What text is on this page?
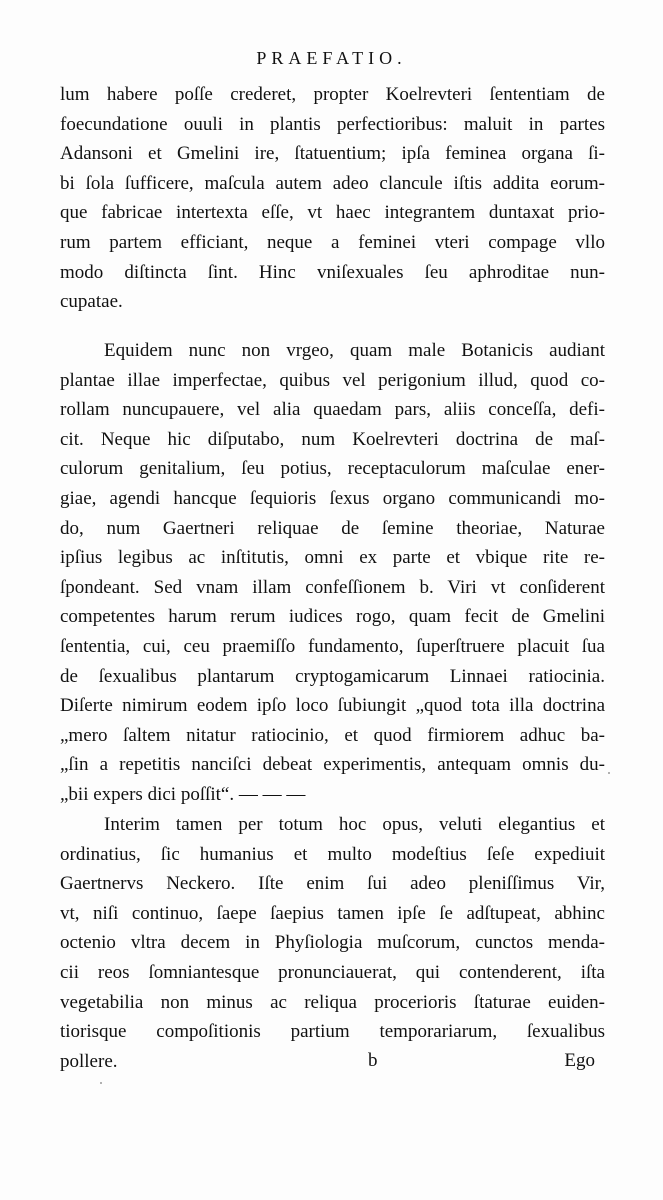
PRAEFATIO.
lum habere poſſe crederet, propter Koelrevteri ſententiam de
foecundatione ouuli in plantis perfectioribus: maluit in partes
Adansoni et Gmelini ire, ſtatuentium; ipſa feminea organa ſi-
bi ſola ſufficere, maſcula autem adeo clancule iſtis addita eorum-
que fabricae intertexta eſſe, vt haec integrantem duntaxat prio-
rum partem efficiant, neque a feminei vteri compage vllo
modo diſtincta ſint. Hinc vniſexuales ſeu aphroditae nun-
cupatae.
Equidem nunc non vrgeo, quam male Botanicis audiant
plantae illae imperfectae, quibus vel perigonium illud, quod co-
rollam nuncupauere, vel alia quaedam pars, aliis conceſſa, defi-
cit. Neque hic diſputabo, num Koelrevteri doctrina de maſ-
culorum genitalium, ſeu potius, receptaculorum maſculae ener-
giae, agendi hancque ſequioris ſexus organo communicandi mo-
do, num Gaertneri reliquae de ſemine theoriae, Naturae
ipſius legibus ac inſtitutis, omni ex parte et vbique rite re-
ſpondeant. Sed vnam illam confeſſionem b. Viri vt conſiderent
competentes harum rerum iudices rogo, quam fecit de Gmelini
ſententia, cui, ceu praemiſſo fundamento, ſuperſtruere placuit ſua
de ſexualibus plantarum cryptogamicarum Linnaei ratiocinia.
Diſerte nimirum eodem ipſo loco ſubiungit „quod tota illa doctrina
„mero ſaltem nitatur ratiocinio, et quod firmiorem adhuc ba-
„ſin a repetitis nanciſci debeat experimentis, antequam omnis du-
„bii expers dici poſſit“. — — —
Interim tamen per totum hoc opus, veluti elegantius et
ordinatius, ſic humanius et multo modeſtius ſeſe expediuit
Gaertnervs Neckero. Iſte enim ſui adeo pleniſſimus Vir,
vt, niſi continuo, ſaepe ſaepius tamen ipſe ſe adſtupeat, abhinc
octenio vltra decem in Phyſiologia muſcorum, cunctos menda-
cii reos ſomniantesque pronunciauerat, qui contenderent, iſta
vegetabilia non minus ac reliqua procerioris ſtaturae euiden-
tiorisque compoſitionis partium temporariarum, ſexualibus
pollere.	b	Ego
